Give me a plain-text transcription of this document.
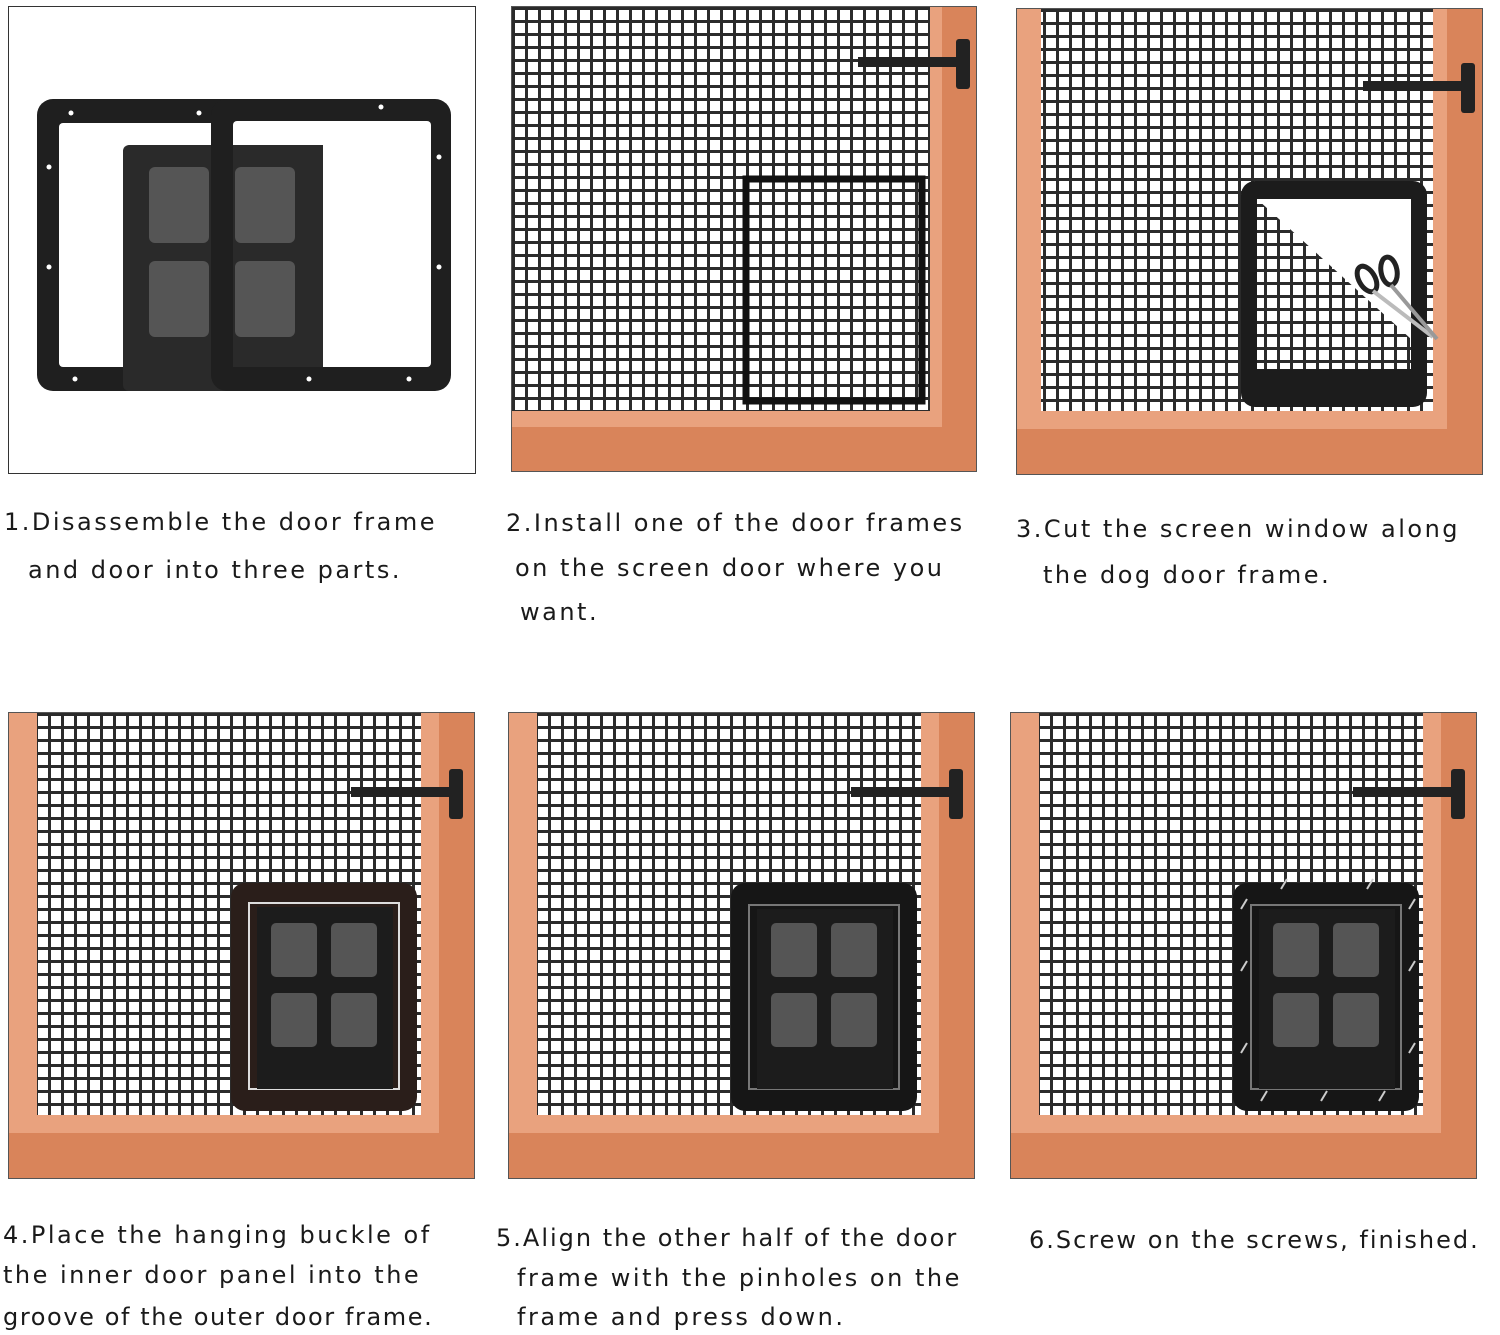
1.Disassemble the door frame
and door into three parts.
2.Install one of the door frames
on the screen door where you
want.
3.Cut the screen window along
the dog door frame.
4.Place the hanging buckle of
the inner door panel into the
groove of the outer door frame.
5.Align the other half of the door
frame with the pinholes on the
frame and press down.
6.Screw on the screws, finished.
